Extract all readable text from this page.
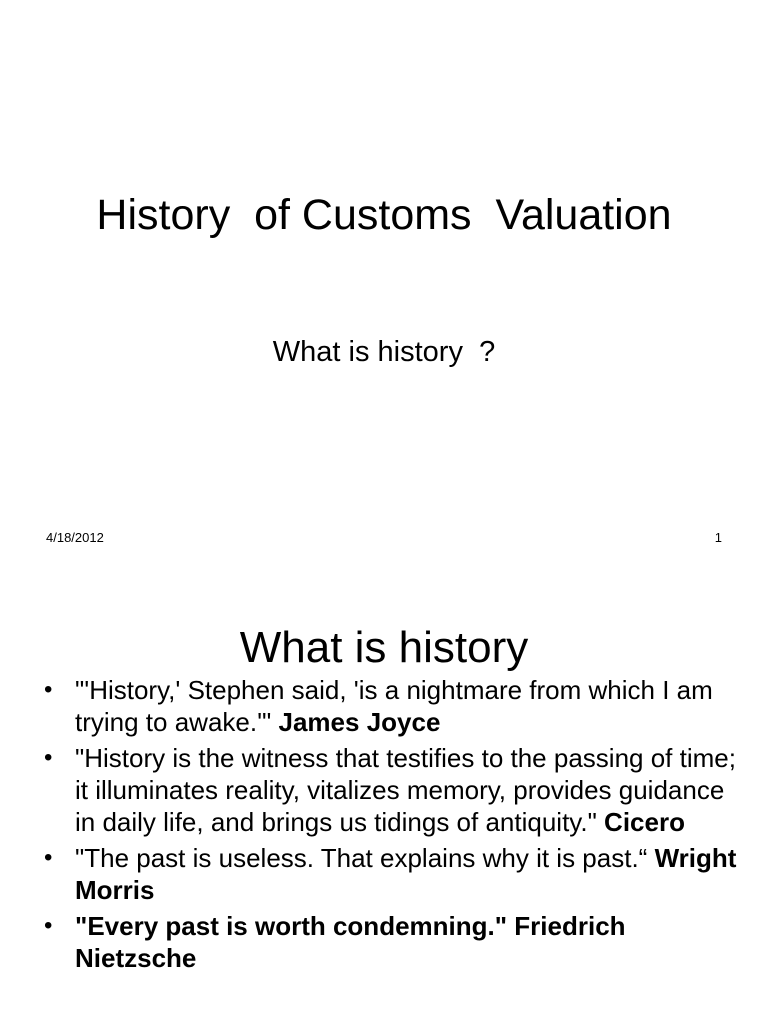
History  of Customs  Valuation
What is history  ?
4/18/2012	1
What is history
• "'History,' Stephen said, 'is a nightmare from which I am trying to awake.'" James Joyce
• "History is the witness that testifies to the passing of time; it illuminates reality, vitalizes memory, provides guidance in daily life, and brings us tidings of antiquity." Cicero
• "The past is useless. That explains why it is past.“ Wright Morris
• "Every past is worth condemning." Friedrich Nietzsche
